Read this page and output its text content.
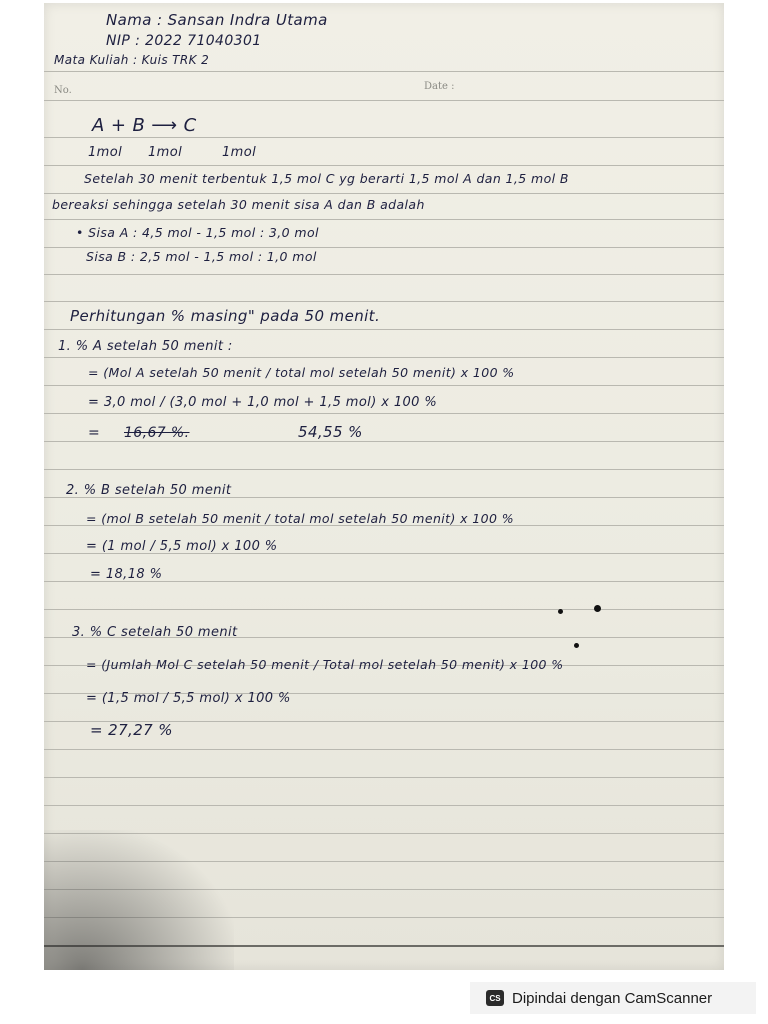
Nama : Sansan Indra Utama
NIP : 2022 71040301
Mata Kuliah : Kuis TRK 2
No.	Date :
A + B ⟶ C
1mol 1mol	1mol
Setelah 30 menit terbentuk 1,5 mol C yg berarti 1,5 mol A dan 1,5 mol B
bereaksi sehingga setelah 30 menit sisa A dan B adalah
• Sisa A : 4,5 mol - 1,5 mol : 3,0 mol
Sisa B : 2,5 mol - 1,5 mol : 1,0 mol
Perhitungan % masing" pada 50 menit.
1. % A setelah 50 menit :
= (Mol A setelah 50 menit / total mol setelah 50 menit) x 100 %
= 3,0 mol / (3,0 mol + 1,0 mol + 1,5 mol) x 100 %
= 16,67 %.	54,55 %
2. % B setelah 50 menit
= (mol B setelah 50 menit / total mol setelah 50 menit) x 100 %
= (1 mol / 5,5 mol) x 100 %
= 18,18 %
3. % C setelah 50 menit
= (Jumlah Mol C setelah 50 menit / Total mol setelah 50 menit) x 100 %
= (1,5 mol / 5,5 mol) x 100 %
= 27,27 %
CS Dipindai dengan CamScanner
